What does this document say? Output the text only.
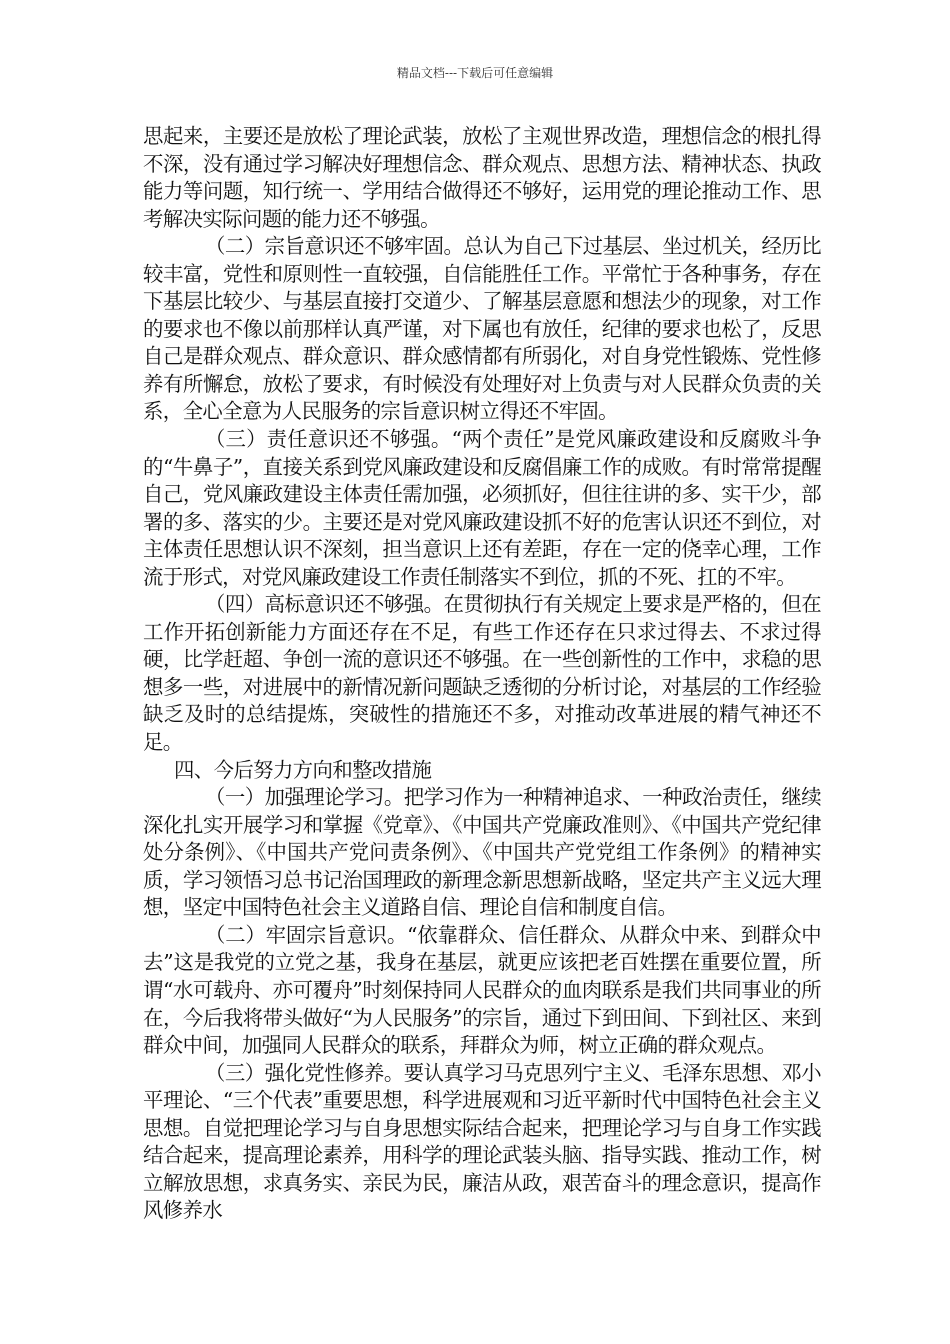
精品文档---下载后可任意编辑

思起来，主要还是放松了理论武装，放松了主观世界改造，理想信念的根扎得不深，没有通过学习解决好理想信念、群众观点、思想方法、精神状态、执政能力等问题，知行统一、学用结合做得还不够好，运用党的理论推动工作、思考解决实际问题的能力还不够强。

（二）宗旨意识还不够牢固。总认为自己下过基层、坐过机关，经历比较丰富，党性和原则性一直较强，自信能胜任工作。平常忙于各种事务，存在下基层比较少、与基层直接打交道少、了解基层意愿和想法少的现象，对工作的要求也不像以前那样认真严谨，对下属也有放任，纪律的要求也松了，反思自己是群众观点、群众意识、群众感情都有所弱化，对自身党性锻炼、党性修养有所懈怠，放松了要求，有时候没有处理好对上负责与对人民群众负责的关系，全心全意为人民服务的宗旨意识树立得还不牢固。

（三）责任意识还不够强。“两个责任”是党风廉政建设和反腐败斗争的“牛鼻子”，直接关系到党风廉政建设和反腐倡廉工作的成败。有时常常提醒自己，党风廉政建设主体责任需加强，必须抓好，但往往讲的多、实干少，部署的多、落实的少。主要还是对党风廉政建设抓不好的危害认识还不到位，对主体责任思想认识不深刻，担当意识上还有差距，存在一定的侥幸心理，工作流于形式，对党风廉政建设工作责任制落实不到位，抓的不死、扛的不牢。

（四）高标意识还不够强。在贯彻执行有关规定上要求是严格的，但在工作开拓创新能力方面还存在不足，有些工作还存在只求过得去、不求过得硬，比学赶超、争创一流的意识还不够强。在一些创新性的工作中，求稳的思想多一些，对进展中的新情况新问题缺乏透彻的分析讨论，对基层的工作经验缺乏及时的总结提炼，突破性的措施还不多，对推动改革进展的精气神还不足。

四、今后努力方向和整改措施

（一）加强理论学习。把学习作为一种精神追求、一种政治责任，继续深化扎实开展学习和掌握《党章》、《中国共产党廉政准则》、《中国共产党纪律处分条例》、《中国共产党问责条例》、《中国共产党党组工作条例》的精神实质，学习领悟习总书记治国理政的新理念新思想新战略，坚定共产主义远大理想，坚定中国特色社会主义道路自信、理论自信和制度自信。

（二）牢固宗旨意识。“依靠群众、信任群众、从群众中来、到群众中去”这是我党的立党之基，我身在基层，就更应该把老百姓摆在重要位置，所谓“水可载舟、亦可覆舟”时刻保持同人民群众的血肉联系是我们共同事业的所在，今后我将带头做好“为人民服务”的宗旨，通过下到田间、下到社区、来到群众中间，加强同人民群众的联系，拜群众为师，树立正确的群众观点。

（三）强化党性修养。要认真学习马克思列宁主义、毛泽东思想、邓小平理论、“三个代表”重要思想，科学进展观和习近平新时代中国特色社会主义思想。自觉把理论学习与自身思想实际结合起来，把理论学习与自身工作实践结合起来，提高理论素养，用科学的理论武装头脑、指导实践、推动工作，树立解放思想，求真务实、亲民为民，廉洁从政，艰苦奋斗的理念意识，提高作风修养水
